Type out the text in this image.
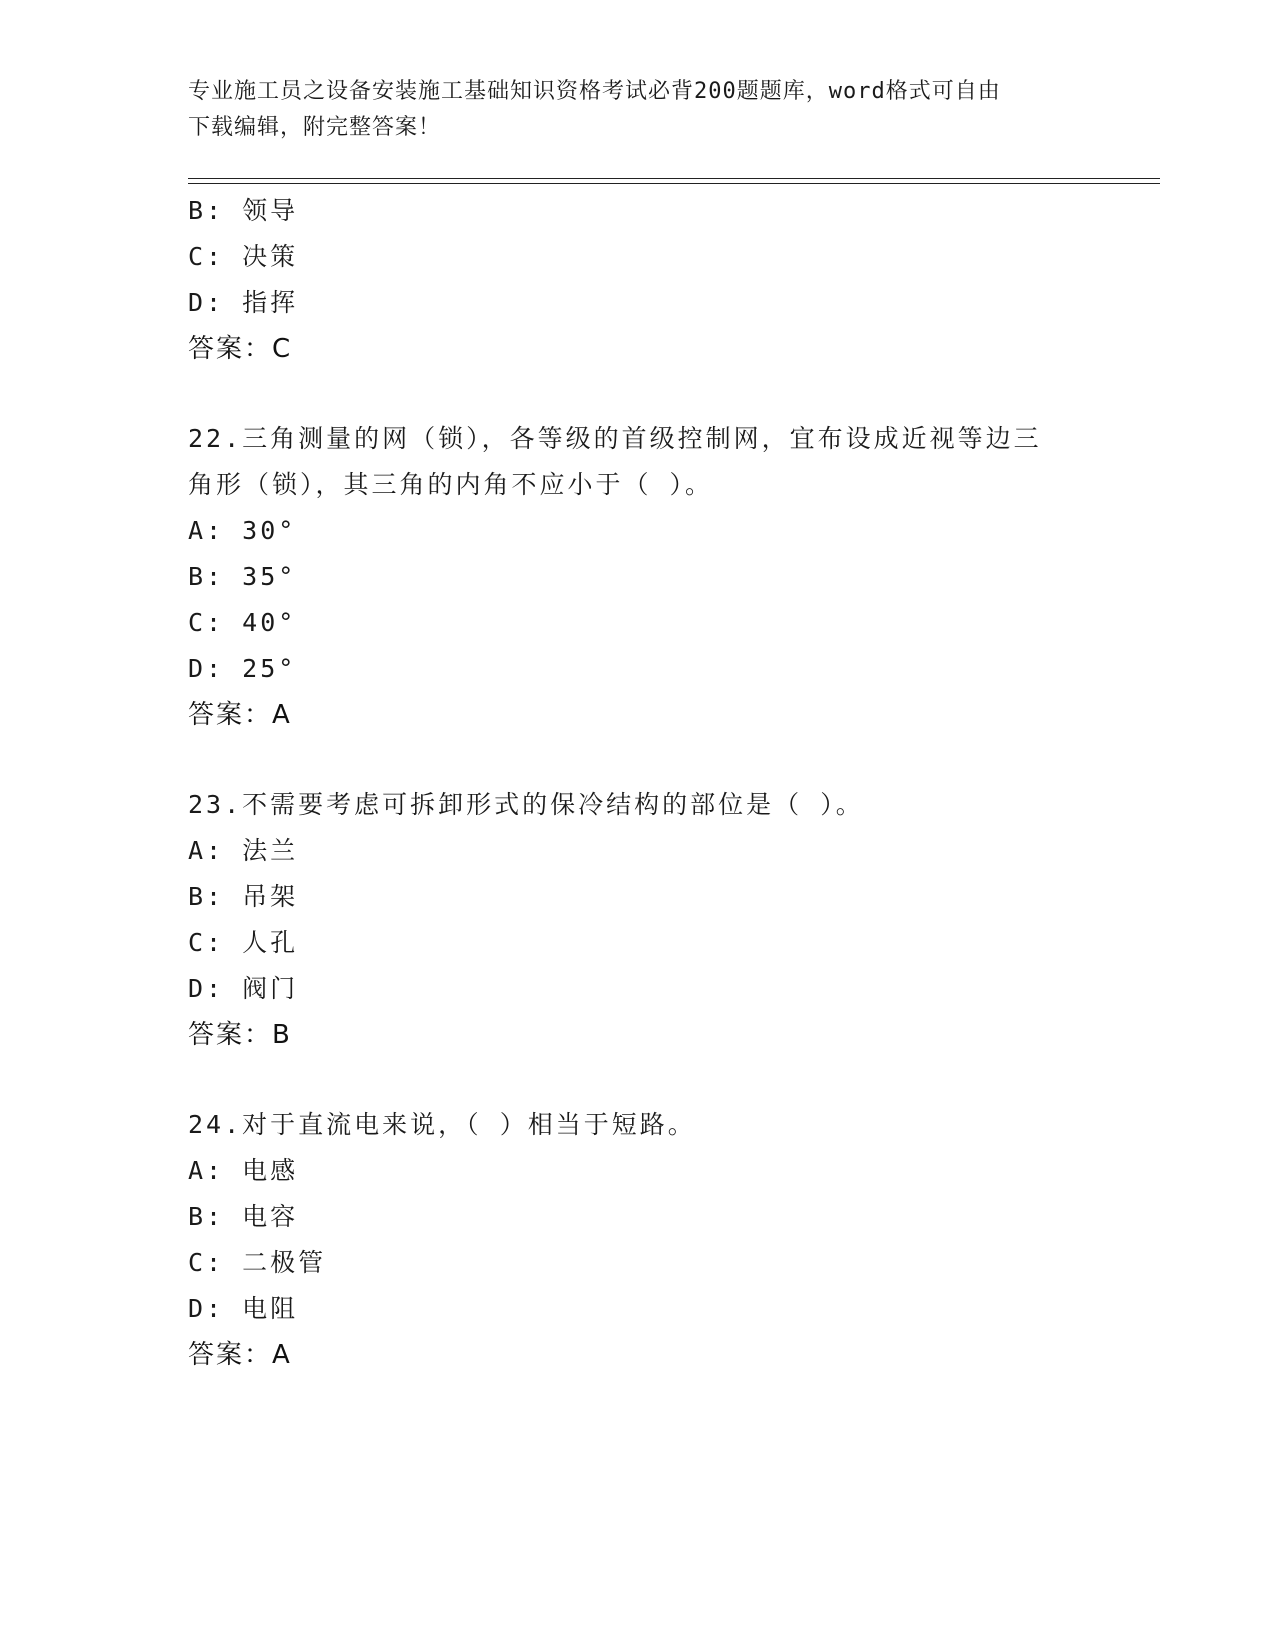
专业施工员之设备安装施工基础知识资格考试必背200题题库，word格式可自由
下载编辑，附完整答案！
B: 领导
C: 决策
D: 指挥
答案：C
22.三角测量的网（锁），各等级的首级控制网，宜布设成近视等边三
角形（锁），其三角的内角不应小于（ ）。
A: 30°
B: 35°
C: 40°
D: 25°
答案：A
23.不需要考虑可拆卸形式的保冷结构的部位是（ ）。
A: 法兰
B: 吊架
C: 人孔
D: 阀门
答案：B
24.对于直流电来说，（ ）相当于短路。
A: 电感
B: 电容
C: 二极管
D: 电阻
答案：A
